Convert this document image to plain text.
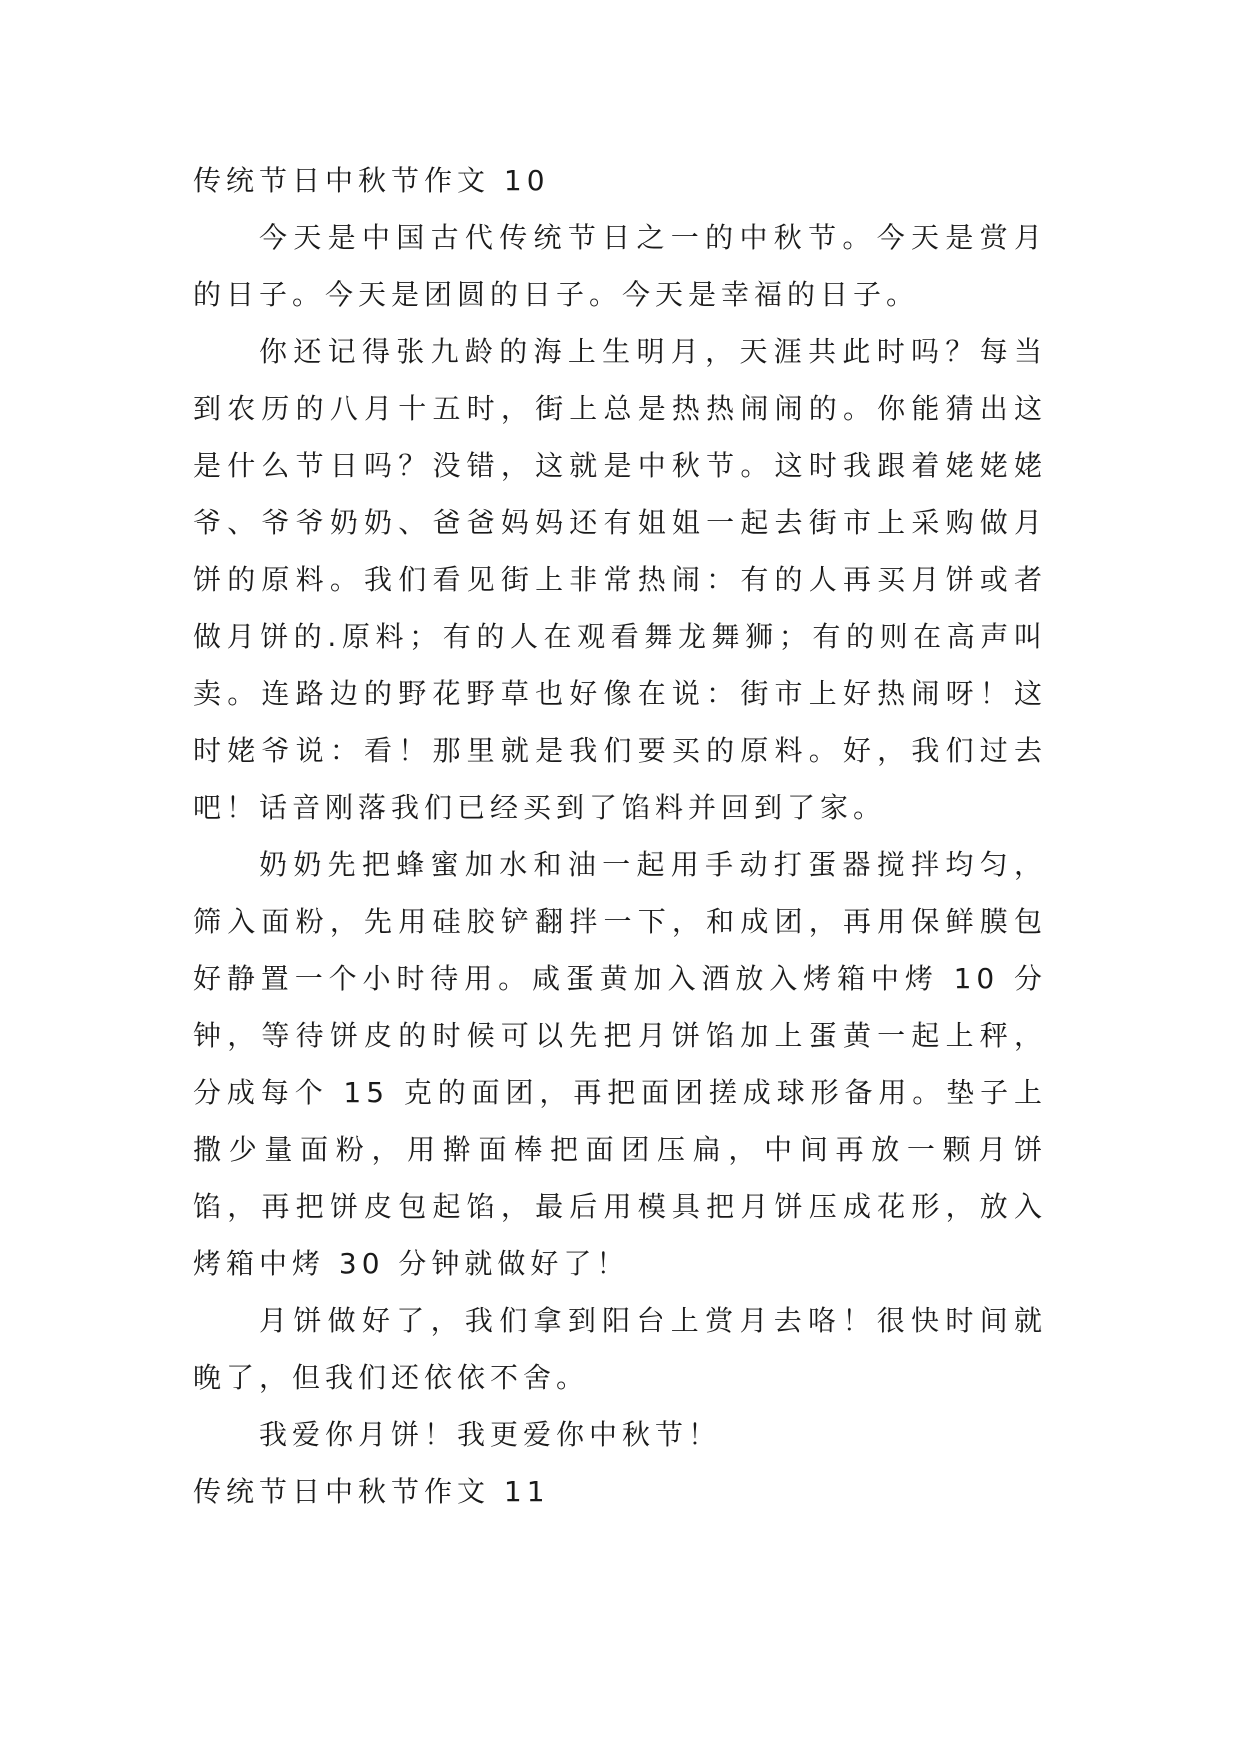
传统节日中秋节作文 10

今天是中国古代传统节日之一的中秋节。今天是赏月的日子。今天是团圆的日子。今天是幸福的日子。

你还记得张九龄的海上生明月，天涯共此时吗？每当到农历的八月十五时，街上总是热热闹闹的。你能猜出这是什么节日吗？没错，这就是中秋节。这时我跟着姥姥姥爷、爷爷奶奶、爸爸妈妈还有姐姐一起去街市上采购做月饼的原料。我们看见街上非常热闹：有的人再买月饼或者做月饼的.原料；有的人在观看舞龙舞狮；有的则在高声叫卖。连路边的野花野草也好像在说：街市上好热闹呀！这时姥爷说：看！那里就是我们要买的原料。好，我们过去吧！话音刚落我们已经买到了馅料并回到了家。

奶奶先把蜂蜜加水和油一起用手动打蛋器搅拌均匀，筛入面粉，先用硅胶铲翻拌一下，和成团，再用保鲜膜包好静置一个小时待用。咸蛋黄加入酒放入烤箱中烤 10 分钟，等待饼皮的时候可以先把月饼馅加上蛋黄一起上秤，分成每个 15 克的面团，再把面团搓成球形备用。垫子上撒少量面粉，用擀面棒把面团压扁，中间再放一颗月饼馅，再把饼皮包起馅，最后用模具把月饼压成花形，放入烤箱中烤 30 分钟就做好了！

月饼做好了，我们拿到阳台上赏月去咯！很快时间就晚了，但我们还依依不舍。

我爱你月饼！我更爱你中秋节！

传统节日中秋节作文 11
